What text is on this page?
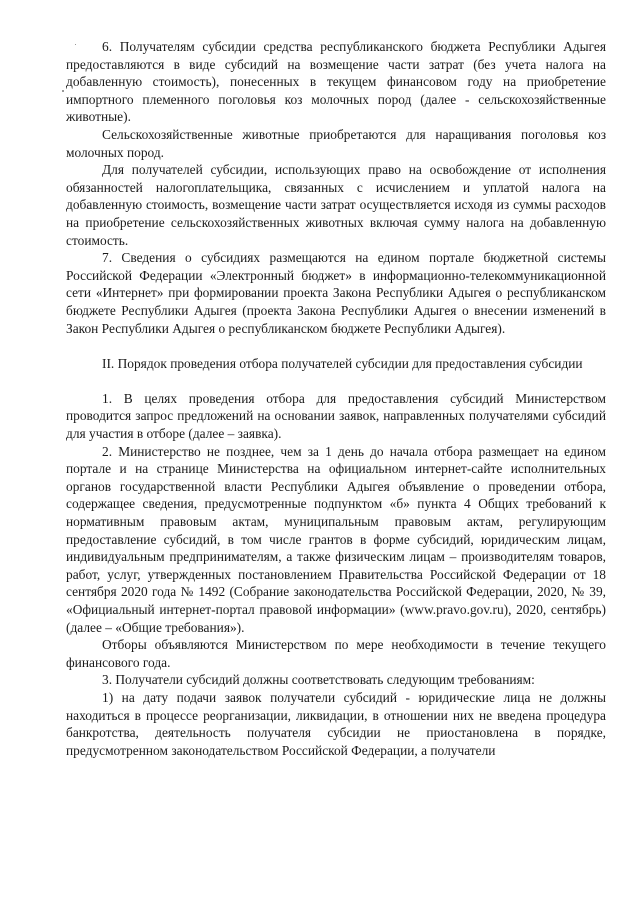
6. Получателям субсидии средства республиканского бюджета Республики Адыгея предоставляются в виде субсидий на возмещение части затрат (без учета налога на добавленную стоимость), понесенных в текущем финансовом году на приобретение импортного племенного поголовья коз молочных пород (далее - сельскохозяйственные животные).

Сельскохозяйственные животные приобретаются для наращивания поголовья коз молочных пород.

Для получателей субсидии, использующих право на освобождение от исполнения обязанностей налогоплательщика, связанных с исчислением и уплатой налога на добавленную стоимость, возмещение части затрат осуществляется исходя из суммы расходов на приобретение сельскохозяйственных животных включая сумму налога на добавленную стоимость.

7. Сведения о субсидиях размещаются на едином портале бюджетной системы Российской Федерации «Электронный бюджет» в информационно-телекоммуникационной сети «Интернет» при формировании проекта Закона Республики Адыгея о республиканском бюджете Республики Адыгея (проекта Закона Республики Адыгея о внесении изменений в Закон Республики Адыгея о республиканском бюджете Республики Адыгея).

II. Порядок проведения отбора получателей субсидии для предоставления субсидии

1. В целях проведения отбора для предоставления субсидий Министерством проводится запрос предложений на основании заявок, направленных получателями субсидий для участия в отборе (далее – заявка).

2. Министерство не позднее, чем за 1 день до начала отбора размещает на едином портале и на странице Министерства на официальном интернет-сайте исполнительных органов государственной власти Республики Адыгея объявление о проведении отбора, содержащее сведения, предусмотренные подпунктом «б» пункта 4 Общих требований к нормативным правовым актам, муниципальным правовым актам, регулирующим предоставление субсидий, в том числе грантов в форме субсидий, юридическим лицам, индивидуальным предпринимателям, а также физическим лицам – производителям товаров, работ, услуг, утвержденных постановлением Правительства Российской Федерации от 18 сентября 2020 года № 1492 (Собрание законодательства Российской Федерации, 2020, № 39, «Официальный интернет-портал правовой информации» (www.pravo.gov.ru), 2020, сентябрь) (далее – «Общие требования»).

Отборы объявляются Министерством по мере необходимости в течение текущего финансового года.

3. Получатели субсидий должны соответствовать следующим требованиям:

1) на дату подачи заявок получатели субсидий - юридические лица не должны находиться в процессе реорганизации, ликвидации, в отношении них не введена процедура банкротства, деятельность получателя субсидии не приостановлена в порядке, предусмотренном законодательством Российской Федерации, а получатели
